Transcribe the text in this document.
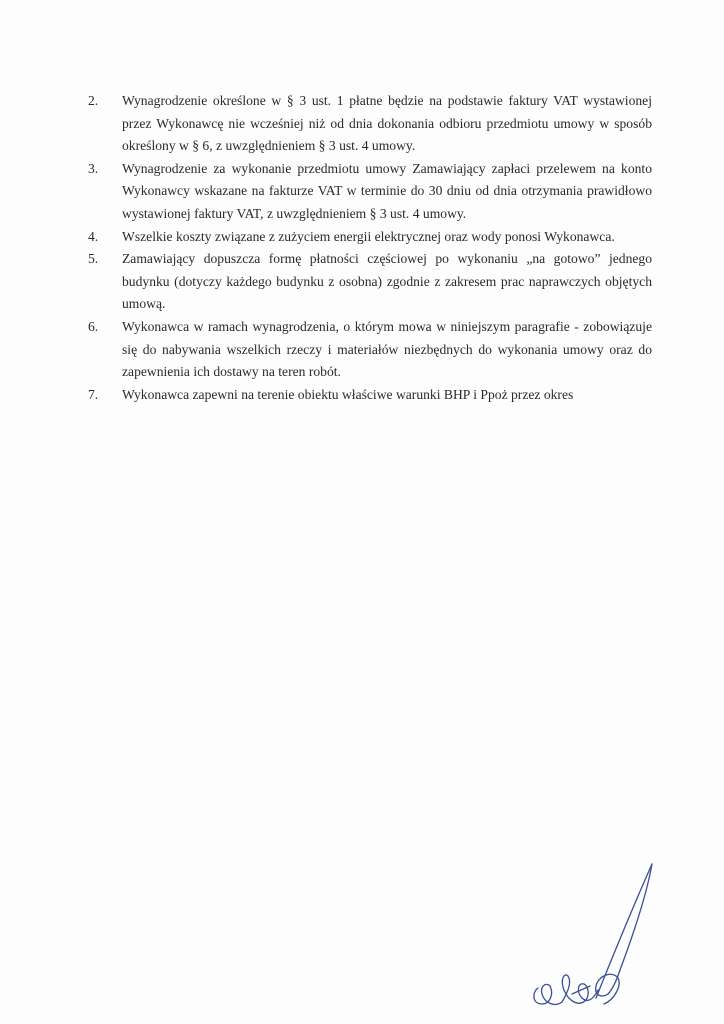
2. Wynagrodzenie określone w § 3 ust. 1 płatne będzie na podstawie faktury VAT wystawionej przez Wykonawcę nie wcześniej niż od dnia dokonania odbioru przedmiotu umowy w sposób określony w § 6, z uwzględnieniem § 3 ust. 4 umowy.
3. Wynagrodzenie za wykonanie przedmiotu umowy Zamawiający zapłaci przelewem na konto Wykonawcy wskazane na fakturze VAT w terminie do 30 dniu od dnia otrzymania prawidłowo wystawionej faktury VAT, z uwzględnieniem § 3 ust. 4 umowy.
4. Wszelkie koszty związane z zużyciem energii elektrycznej oraz wody ponosi Wykonawca.
5. Zamawiający dopuszcza formę płatności częściowej po wykonaniu „na gotowo” jednego budynku (dotyczy każdego budynku z osobna) zgodnie z zakresem prac naprawczych objętych umową.
6. Wykonawca w ramach wynagrodzenia, o którym mowa w niniejszym paragrafie - zobowiązuje się do nabywania wszelkich rzeczy i materiałów niezbędnych do wykonania umowy oraz do zapewnienia ich dostawy na teren robót.
7. Wykonawca zapewni na terenie obiektu właściwe warunki BHP i Ppoż przez okres
